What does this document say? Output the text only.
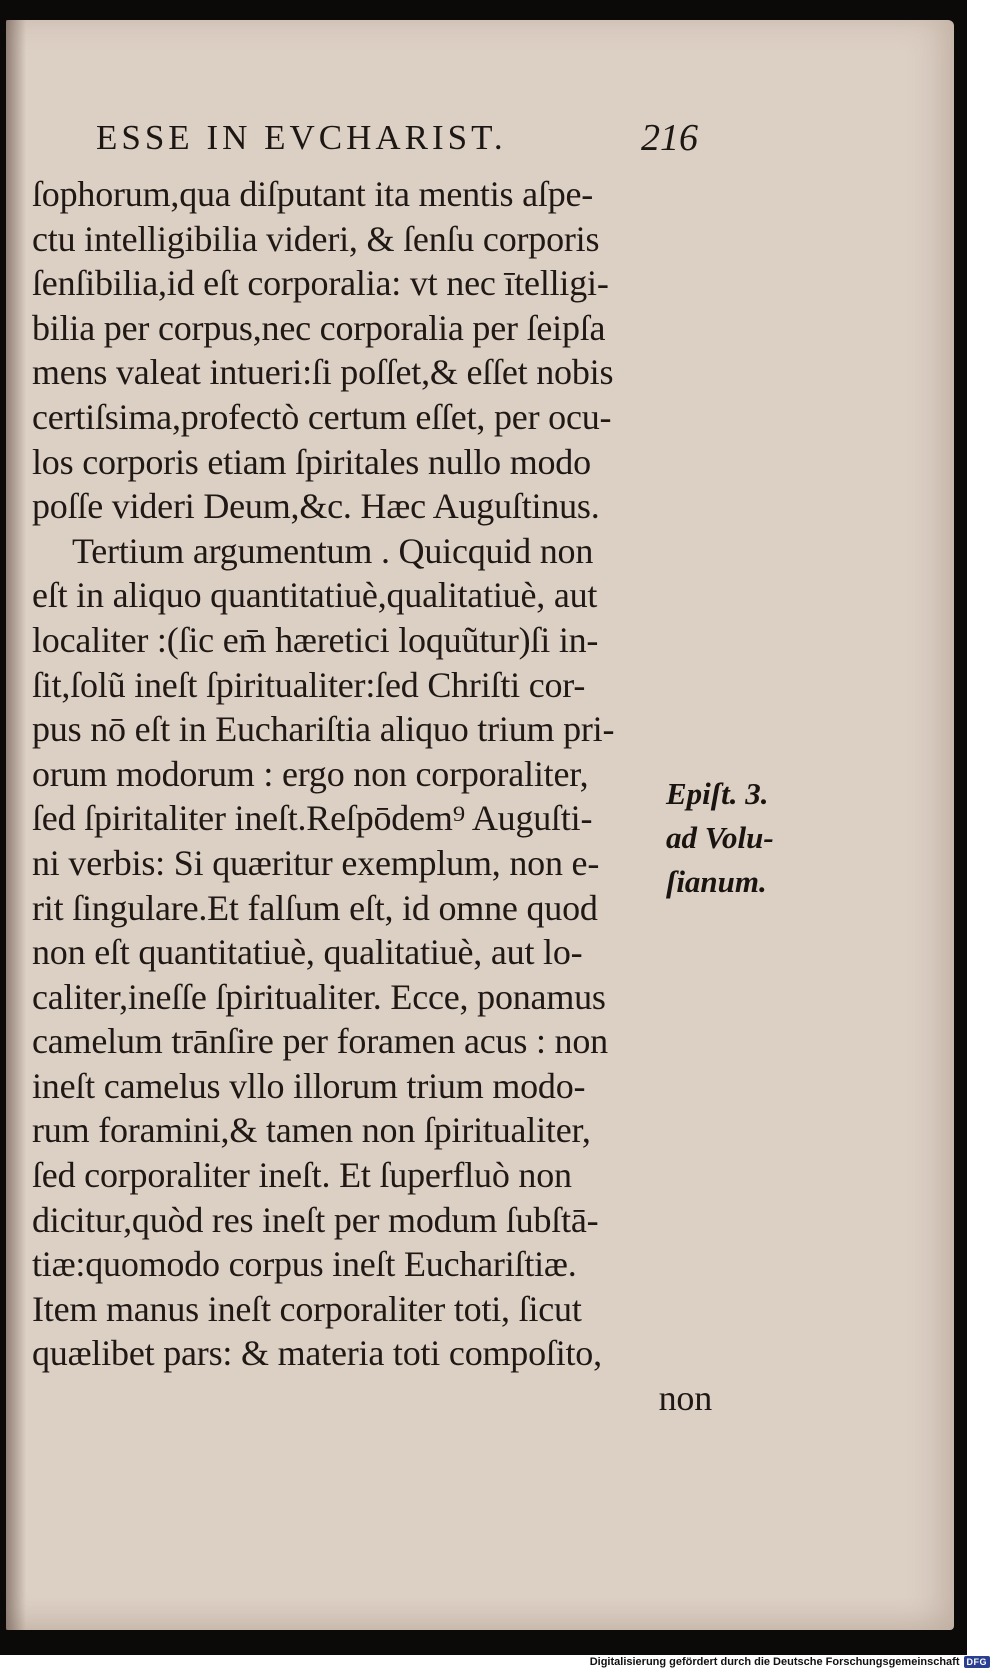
ESSE IN EVCHARIST.	216
ſophorum,qua diſputant ita mentis aſpe-
ctu intelligibilia videri, & ſenſu corporis
ſenſibilia,id eſt corporalia: vt nec ītelligi-
bilia per corpus,nec corporalia per ſeipſa
mens valeat intueri:ſi poſſet,& eſſet nobis
certiſsima,profectò certum eſſet, per ocu-
los corporis etiam ſpiritales nullo modo
poſſe videri Deum,&c. Hæc Auguſtinus.
Tertium argumentum . Quicquid non
eſt in aliquo quantitatiuè,qualitatiuè, aut
localiter :(ſic em̄ hæretici loquũtur)ſi in-
ſit,ſolũ ineſt ſpiritualiter:ſed Chriſti cor-
pus nō eſt in Euchariſtia aliquo trium pri-
orum modorum : ergo non corporaliter,
ſed ſpiritaliter ineſt.Reſpōdem⁹ Auguſti-
ni verbis: Si quæritur exemplum, non e-
rit ſingulare.Et falſum eſt, id omne quod
non eſt quantitatiuè, qualitatiuè, aut lo-
caliter,ineſſe ſpiritualiter. Ecce, ponamus
camelum trānſire per foramen acus : non
ineſt camelus vllo illorum trium modo-
rum foramini,& tamen non ſpiritualiter,
ſed corporaliter ineſt. Et ſuperfluò non
dicitur,quòd res ineſt per modum ſubſtā-
tiæ:quomodo corpus ineſt Euchariſtiæ.
Item manus ineſt corporaliter toti, ſicut
quælibet pars: & materia toti compoſito,
non
Epiſt. 3.
ad Volu-
ſianum.
Digitalisierung gefördert durch die Deutsche Forschungsgemeinschaft DFG
